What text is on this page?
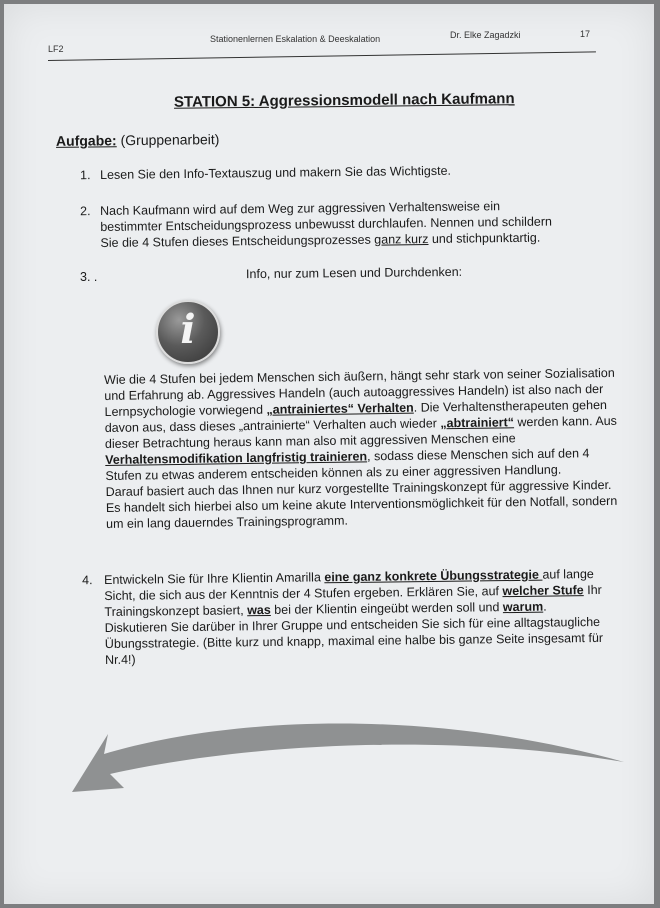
LF2
Stationenlernen Eskalation & Deeskalation	Dr. Elke Zagadzki	17
STATION 5: Aggressionsmodell nach Kaufmann
Aufgabe: (Gruppenarbeit)
1. Lesen Sie den Info-Textauszug und makern Sie das Wichtigste.
2. Nach Kaufmann wird auf dem Weg zur aggressiven Verhaltensweise ein
bestimmter Entscheidungsprozess unbewusst durchlaufen. Nennen und schildern
Sie die 4 Stufen dieses Entscheidungsprozesses ganz kurz und stichpunktartig.
3. .	Info, nur zum Lesen und Durchdenken:
i
Wie die 4 Stufen bei jedem Menschen sich äußern, hängt sehr stark von seiner Sozialisation und Erfahrung ab. Aggressives Handeln (auch autoaggressives Handeln) ist also nach der Lernpsychologie vorwiegend „antrainiertes“ Verhalten. Die Verhaltenstherapeuten gehen davon aus, dass dieses „antrainierte“ Verhalten auch wieder „abtrainiert“ werden kann. Aus dieser Betrachtung heraus kann man also mit aggressiven Menschen eine Verhaltensmodifikation langfristig trainieren, sodass diese Menschen sich auf den 4 Stufen zu etwas anderem entscheiden können als zu einer aggressiven Handlung.
Darauf basiert auch das Ihnen nur kurz vorgestellte Trainingskonzept für aggressive Kinder.
Es handelt sich hierbei also um keine akute Interventionsmöglichkeit für den Notfall, sondern um ein lang dauerndes Trainingsprogramm.
4. Entwickeln Sie für Ihre Klientin Amarilla eine ganz konkrete Übungsstrategie auf lange Sicht, die sich aus der Kenntnis der 4 Stufen ergeben. Erklären Sie, auf welcher Stufe Ihr Trainingskonzept basiert, was bei der Klientin eingeübt werden soll und warum.
Diskutieren Sie darüber in Ihrer Gruppe und entscheiden Sie sich für eine alltagstaugliche Übungsstrategie. (Bitte kurz und knapp, maximal eine halbe bis ganze Seite insgesamt für Nr.4!)
